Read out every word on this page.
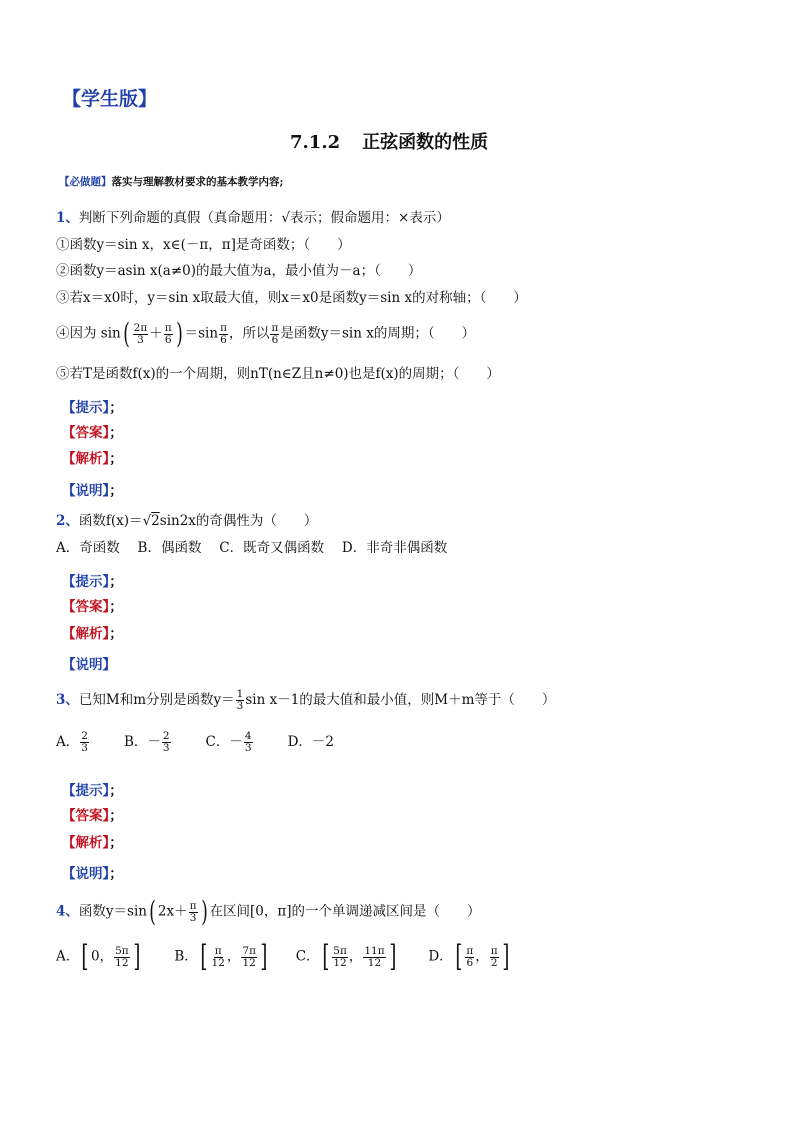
【学生版】
7.1.2 正弦函数的性质
【必做题】落实与理解教材要求的基本教学内容;
1、判断下列命题的真假（真命题用：√表示；假命题用：×表示）
①函数y＝sin x，x∈(－π，π]是奇函数；（　　）
②函数y＝asin x(a≠0)的最大值为a，最小值为－a；（　　）
③若x＝x0时，y＝sin x取最大值，则x＝x0是函数y＝sin x的对称轴；（　　）
④因为 $\sin( \frac{2\pi}{3} + \frac{\pi}{6}$ ) $=\sin \frac{\pi}{6}$ ，所以 $\frac{\pi}{6}$ 是函数y＝sin x的周期；（　　）
⑤若T是函数f(x)的一个周期，则nT(n∈Z且n≠0)也是f(x)的周期；（　　）
【提示】；
【答案】；
【解析】；
【说明】；
2、函数f(x)＝√2sin2x的奇偶性为（　　）
A．奇函数　 B．偶函数　 C．既奇又偶函数　 D．非奇非偶函数
【提示】；
【答案】；
【解析】；
【说明】
3、已知M和m分别是函数$y= \frac{1}{3}$ sin x－1的最大值和最小值，则M＋m等于（　　）
A． $\frac{2}{3}$	B．－ $\frac{2}{3}$	C．－ $\frac{4}{3}$	D．－2
【提示】；
【答案】；
【解析】；
【说明】；
4、函数y＝sin( $2x+ \frac{\pi}{3}$ ) 在区间[0，π]的一个单调递减区间是（　　）
A．[ 0， $\frac{5\pi}{12}$ ]	B．[ $\frac{\pi}{12}$ ， $\frac{7\pi}{12}$ ] C．[ $\frac{5\pi}{12}$ ， $\frac{11\pi}{12}$ ] D．[ $\frac{\pi}{6}$ ， $\frac{\pi}{2}$ ]
